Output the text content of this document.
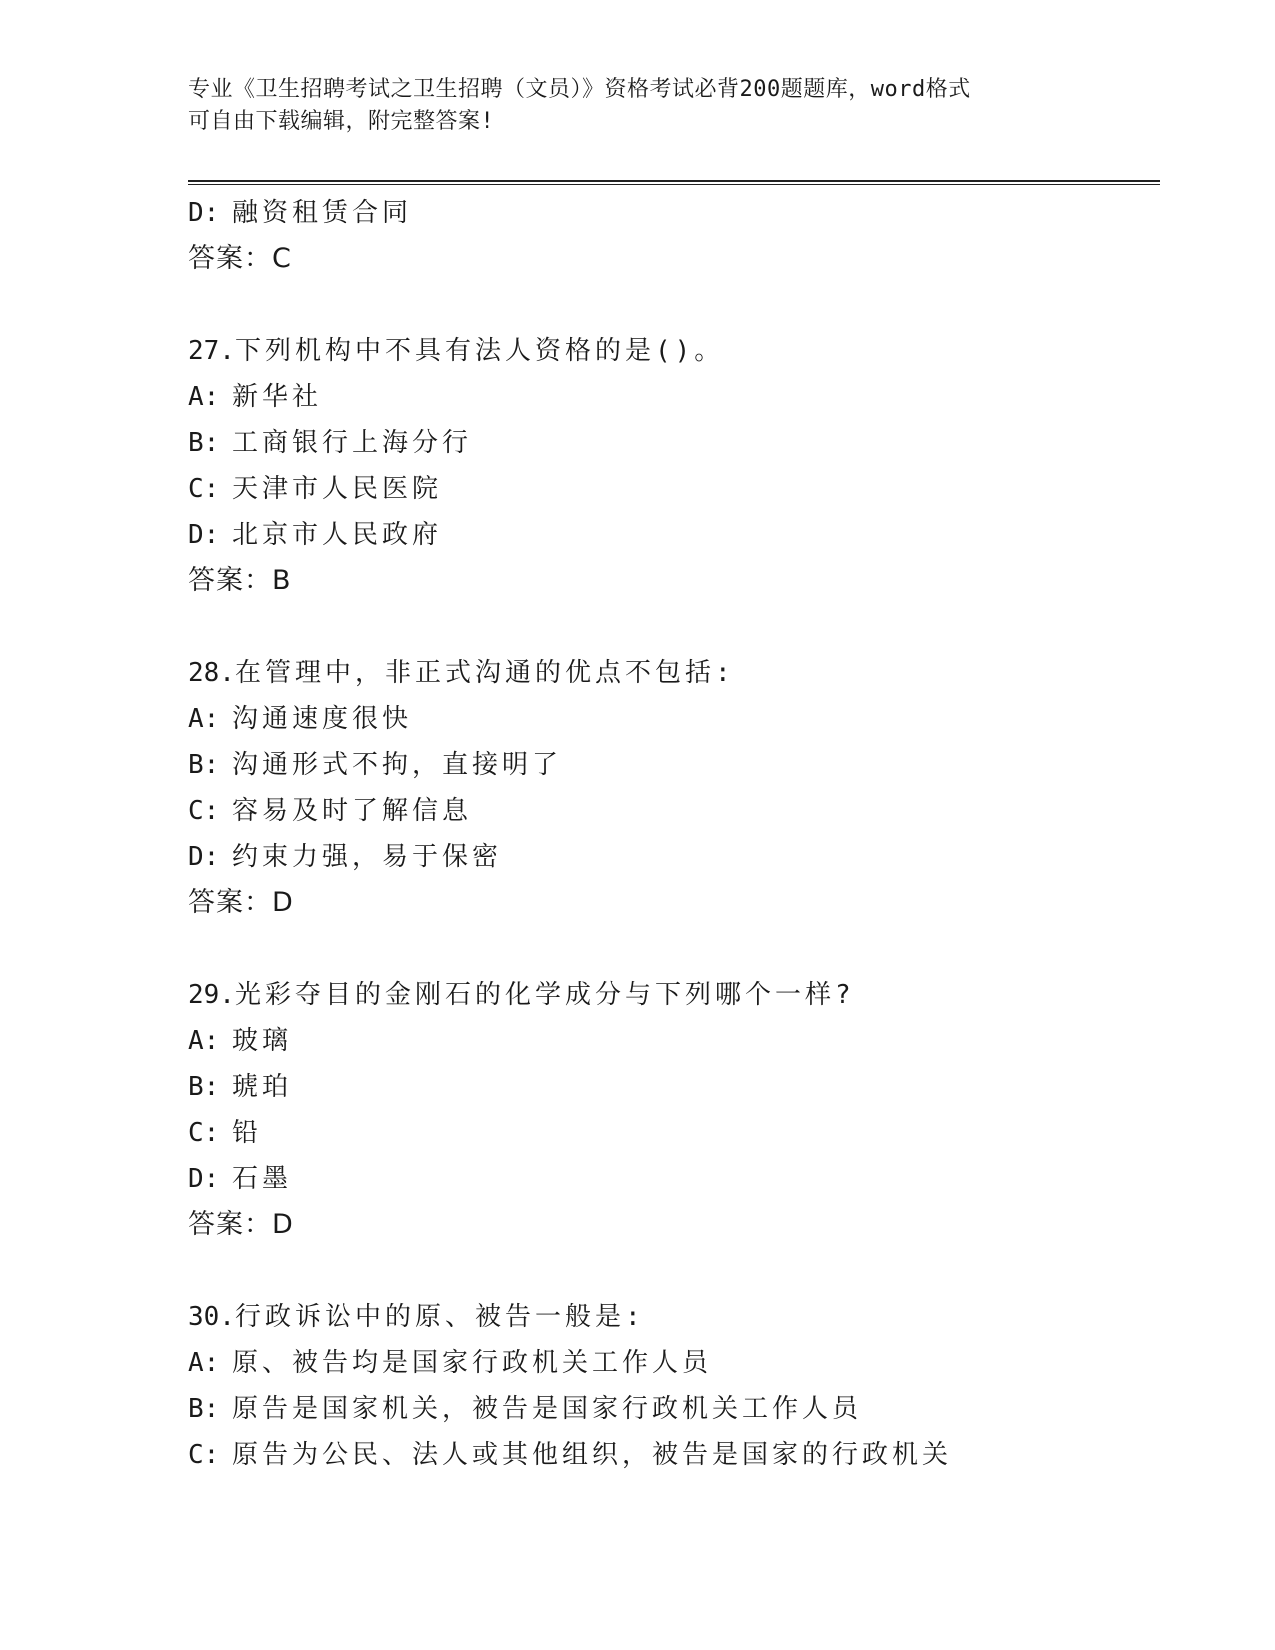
专业《卫生招聘考试之卫生招聘（文员）》资格考试必背200题题库，word格式
可自由下载编辑，附完整答案!
D: 融资租赁合同
答案：C
27.下列机构中不具有法人资格的是()。
A: 新华社
B: 工商银行上海分行
C: 天津市人民医院
D: 北京市人民政府
答案：B
28.在管理中，非正式沟通的优点不包括:
A: 沟通速度很快
B: 沟通形式不拘，直接明了
C: 容易及时了解信息
D: 约束力强，易于保密
答案：D
29.光彩夺目的金刚石的化学成分与下列哪个一样?
A: 玻璃
B: 琥珀
C: 铅
D: 石墨
答案：D
30.行政诉讼中的原、被告一般是:
A: 原、被告均是国家行政机关工作人员
B: 原告是国家机关，被告是国家行政机关工作人员
C: 原告为公民、法人或其他组织，被告是国家的行政机关
